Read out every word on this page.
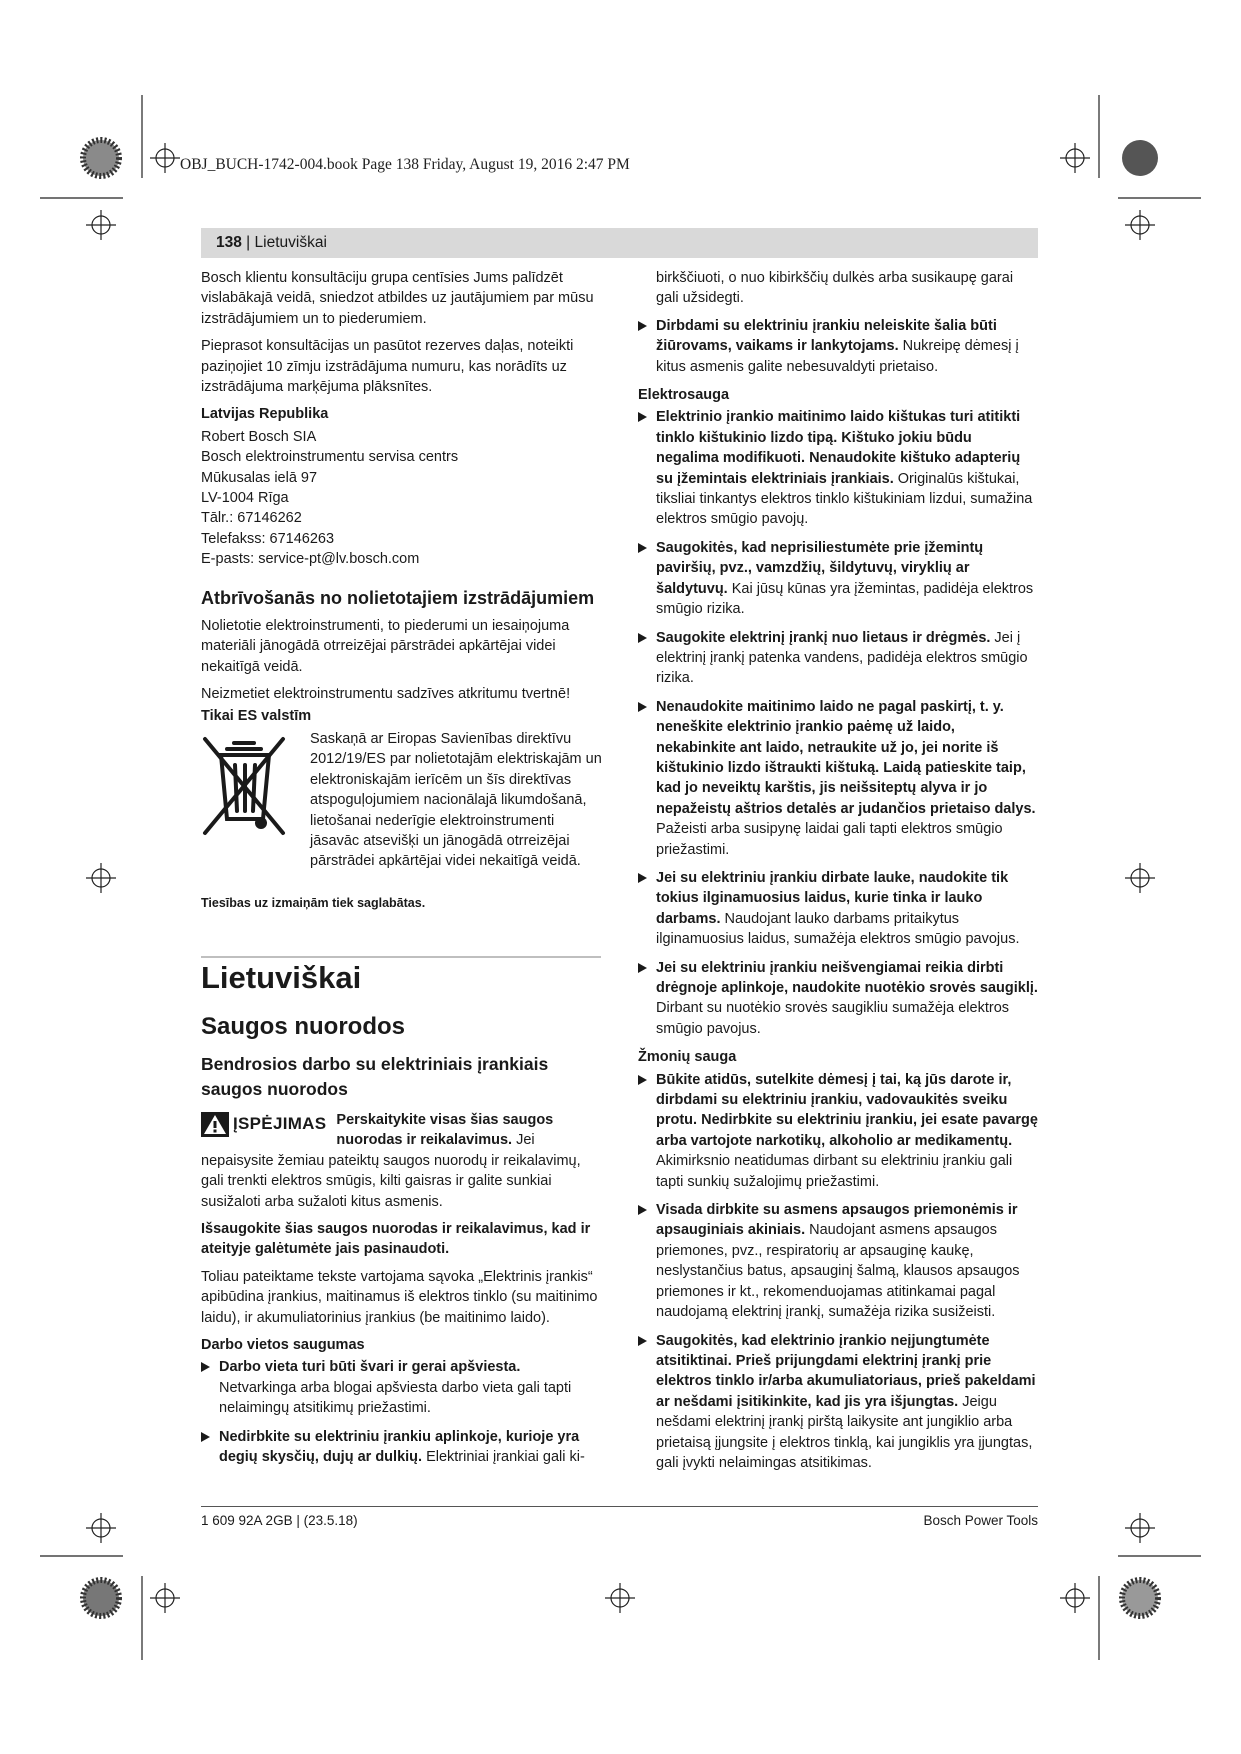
OBJ_BUCH-1742-004.book Page 138 Friday, August 19, 2016 2:47 PM
138 | Lietuviškai

Bosch klientu konsultāciju grupa centīsies Jums palīdzēt vislabākajā veidā, sniedzot atbildes uz jautājumiem par mūsu izstrādājumiem un to piederumiem.

Pieprasot konsultācijas un pasūtot rezerves daļas, noteikti paziņojiet 10 zīmju izstrādājuma numuru, kas norādīts uz izstrādājuma marķējuma plāksnītes.

Latvijas Republika
Robert Bosch SIA
Bosch elektroinstrumentu servisa centrs
Mūkusalas ielā 97
LV-1004 Rīga
Tālr.: 67146262
Telefakss: 67146263
E-pasts: service-pt@lv.bosch.com
Atbrīvošanās no nolietotajiem izstrādājumiem

Nolietotie elektroinstrumenti, to piederumi un iesaiņojuma materiāli jānogādā otrreizējai pārstrādei apkārtējai videi nekaitīgā veidā.

Neizmetiet elektroinstrumentu sadzīves atkritumu tvertnē!

Tikai ES valstīm
Saskaņā ar Eiropas Savienības direktīvu 2012/19/ES par nolietotajām elektriskajām un elektroniskajām ierīcēm un šīs direktīvas atspoguļojumiem nacionālajā likumdošanā, lietošanai nederīgie elektroinstrumenti jāsavāc atsevišķi un jānogādā otrreizējai pārstrādei apkārtējai videi nekaitīgā veidā.
Tiesības uz izmaiņām tiek saglabātas.
Lietuviškai
Saugos nuorodos
Bendrosios darbo su elektriniais įrankiais saugos nuorodos

ĮSPĖJIMAS Perskaitykite visas šias saugos nuorodas ir reikalavimus. Jei nepaisysite žemiau pateiktų saugos nuorodų ir reikalavimų, gali trenkti elektros smūgis, kilti gaisras ir galite sunkiai susižaloti arba sužaloti kitus asmenis.

Išsaugokite šias saugos nuorodas ir reikalavimus, kad ir ateityje galėtumėte jais pasinaudoti.

Toliau pateiktame tekste vartojama sąvoka „Elektrinis įrankis“ apibūdina įrankius, maitinamus iš elektros tinklo (su maitinimo laidu), ir akumuliatorinius įrankius (be maitinimo laido).

Darbo vietos saugumas
Darbo vieta turi būti švari ir gerai apšviesta. Netvarkinga arba blogai apšviesta darbo vieta gali tapti nelaimingų atsitikimų priežastimi.
Nedirbkite su elektriniu įrankiu aplinkoje, kurioje yra degių skysčių, dujų ar dulkių. Elektriniai įrankiai gali ki-

birkščiuoti, o nuo kibirkščių dulkės arba susikaupę garai gali užsidegti.

Dirbdami su elektriniu įrankiu neleiskite šalia būti žiūrovams, vaikams ir lankytojams. Nukreipę dėmesį į kitus asmenis galite nebesuvaldyti prietaiso.
Elektrosauga
Elektrinio įrankio maitinimo laido kištukas turi atitikti tinklo kištukinio lizdo tipą. Kištuko jokiu būdu negalima modifikuoti. Nenaudokite kištuko adapterių su įžemintais elektriniais įrankiais. Originalūs kištukai, tiksliai tinkantys elektros tinklo kištukiniam lizdui, sumažina elektros smūgio pavojų.
Saugokitės, kad neprisiliestumėte prie įžemintų paviršių, pvz., vamzdžių, šildytuvų, viryklių ar šaldytuvų. Kai jūsų kūnas yra įžemintas, padidėja elektros smūgio rizika.
Saugokite elektrinį įrankį nuo lietaus ir drėgmės. Jei į elektrinį įrankį patenka vandens, padidėja elektros smūgio rizika.
Nenaudokite maitinimo laido ne pagal paskirtį, t. y. neneškite elektrinio įrankio paėmę už laido, nekabinkite ant laido, netraukite už jo, jei norite iš kištukinio lizdo ištraukti kištuką. Laidą patieskite taip, kad jo neveiktų karštis, jis neišsiteptų alyva ir jo nepažeistų aštrios detalės ar judančios prietaiso dalys. Pažeisti arba susipynę laidai gali tapti elektros smūgio priežastimi.
Jei su elektriniu įrankiu dirbate lauke, naudokite tik tokius ilginamuosius laidus, kurie tinka ir lauko darbams. Naudojant lauko darbams pritaikytus ilginamuosius laidus, sumažėja elektros smūgio pavojus.
Jei su elektriniu įrankiu neišvengiamai reikia dirbti drėgnoje aplinkoje, naudokite nuotėkio srovės saugiklį. Dirbant su nuotėkio srovės saugikliu sumažėja elektros smūgio pavojus.
Žmonių sauga
Būkite atidūs, sutelkite dėmesį į tai, ką jūs darote ir, dirbdami su elektriniu įrankiu, vadovaukitės sveiku protu. Nedirbkite su elektriniu įrankiu, jei esate pavargę arba vartojote narkotikų, alkoholio ar medikamentų. Akimirksnio neatidumas dirbant su elektriniu įrankiu gali tapti sunkių sužalojimų priežastimi.
Visada dirbkite su asmens apsaugos priemonėmis ir apsauginiais akiniais. Naudojant asmens apsaugos priemones, pvz., respiratorių ar apsauginę kaukę, neslystančius batus, apsauginį šalmą, klausos apsaugos priemones ir kt., rekomenduojamas atitinkamai pagal naudojamą elektrinį įrankį, sumažėja rizika susižeisti.
Saugokitės, kad elektrinio įrankio neįjungtumėte atsitiktinai. Prieš prijungdami elektrinį įrankį prie elektros tinklo ir/arba akumuliatoriaus, prieš pakeldami ar nešdami įsitikinkite, kad jis yra išjungtas. Jeigu nešdami elektrinį įrankį pirštą laikysite ant jungiklio arba prietaisą įjungsite į elektros tinklą, kai jungiklis yra įjungtas, gali įvykti nelaimingas atsitikimas.
1 609 92A 2GB | (23.5.18)	Bosch Power Tools
